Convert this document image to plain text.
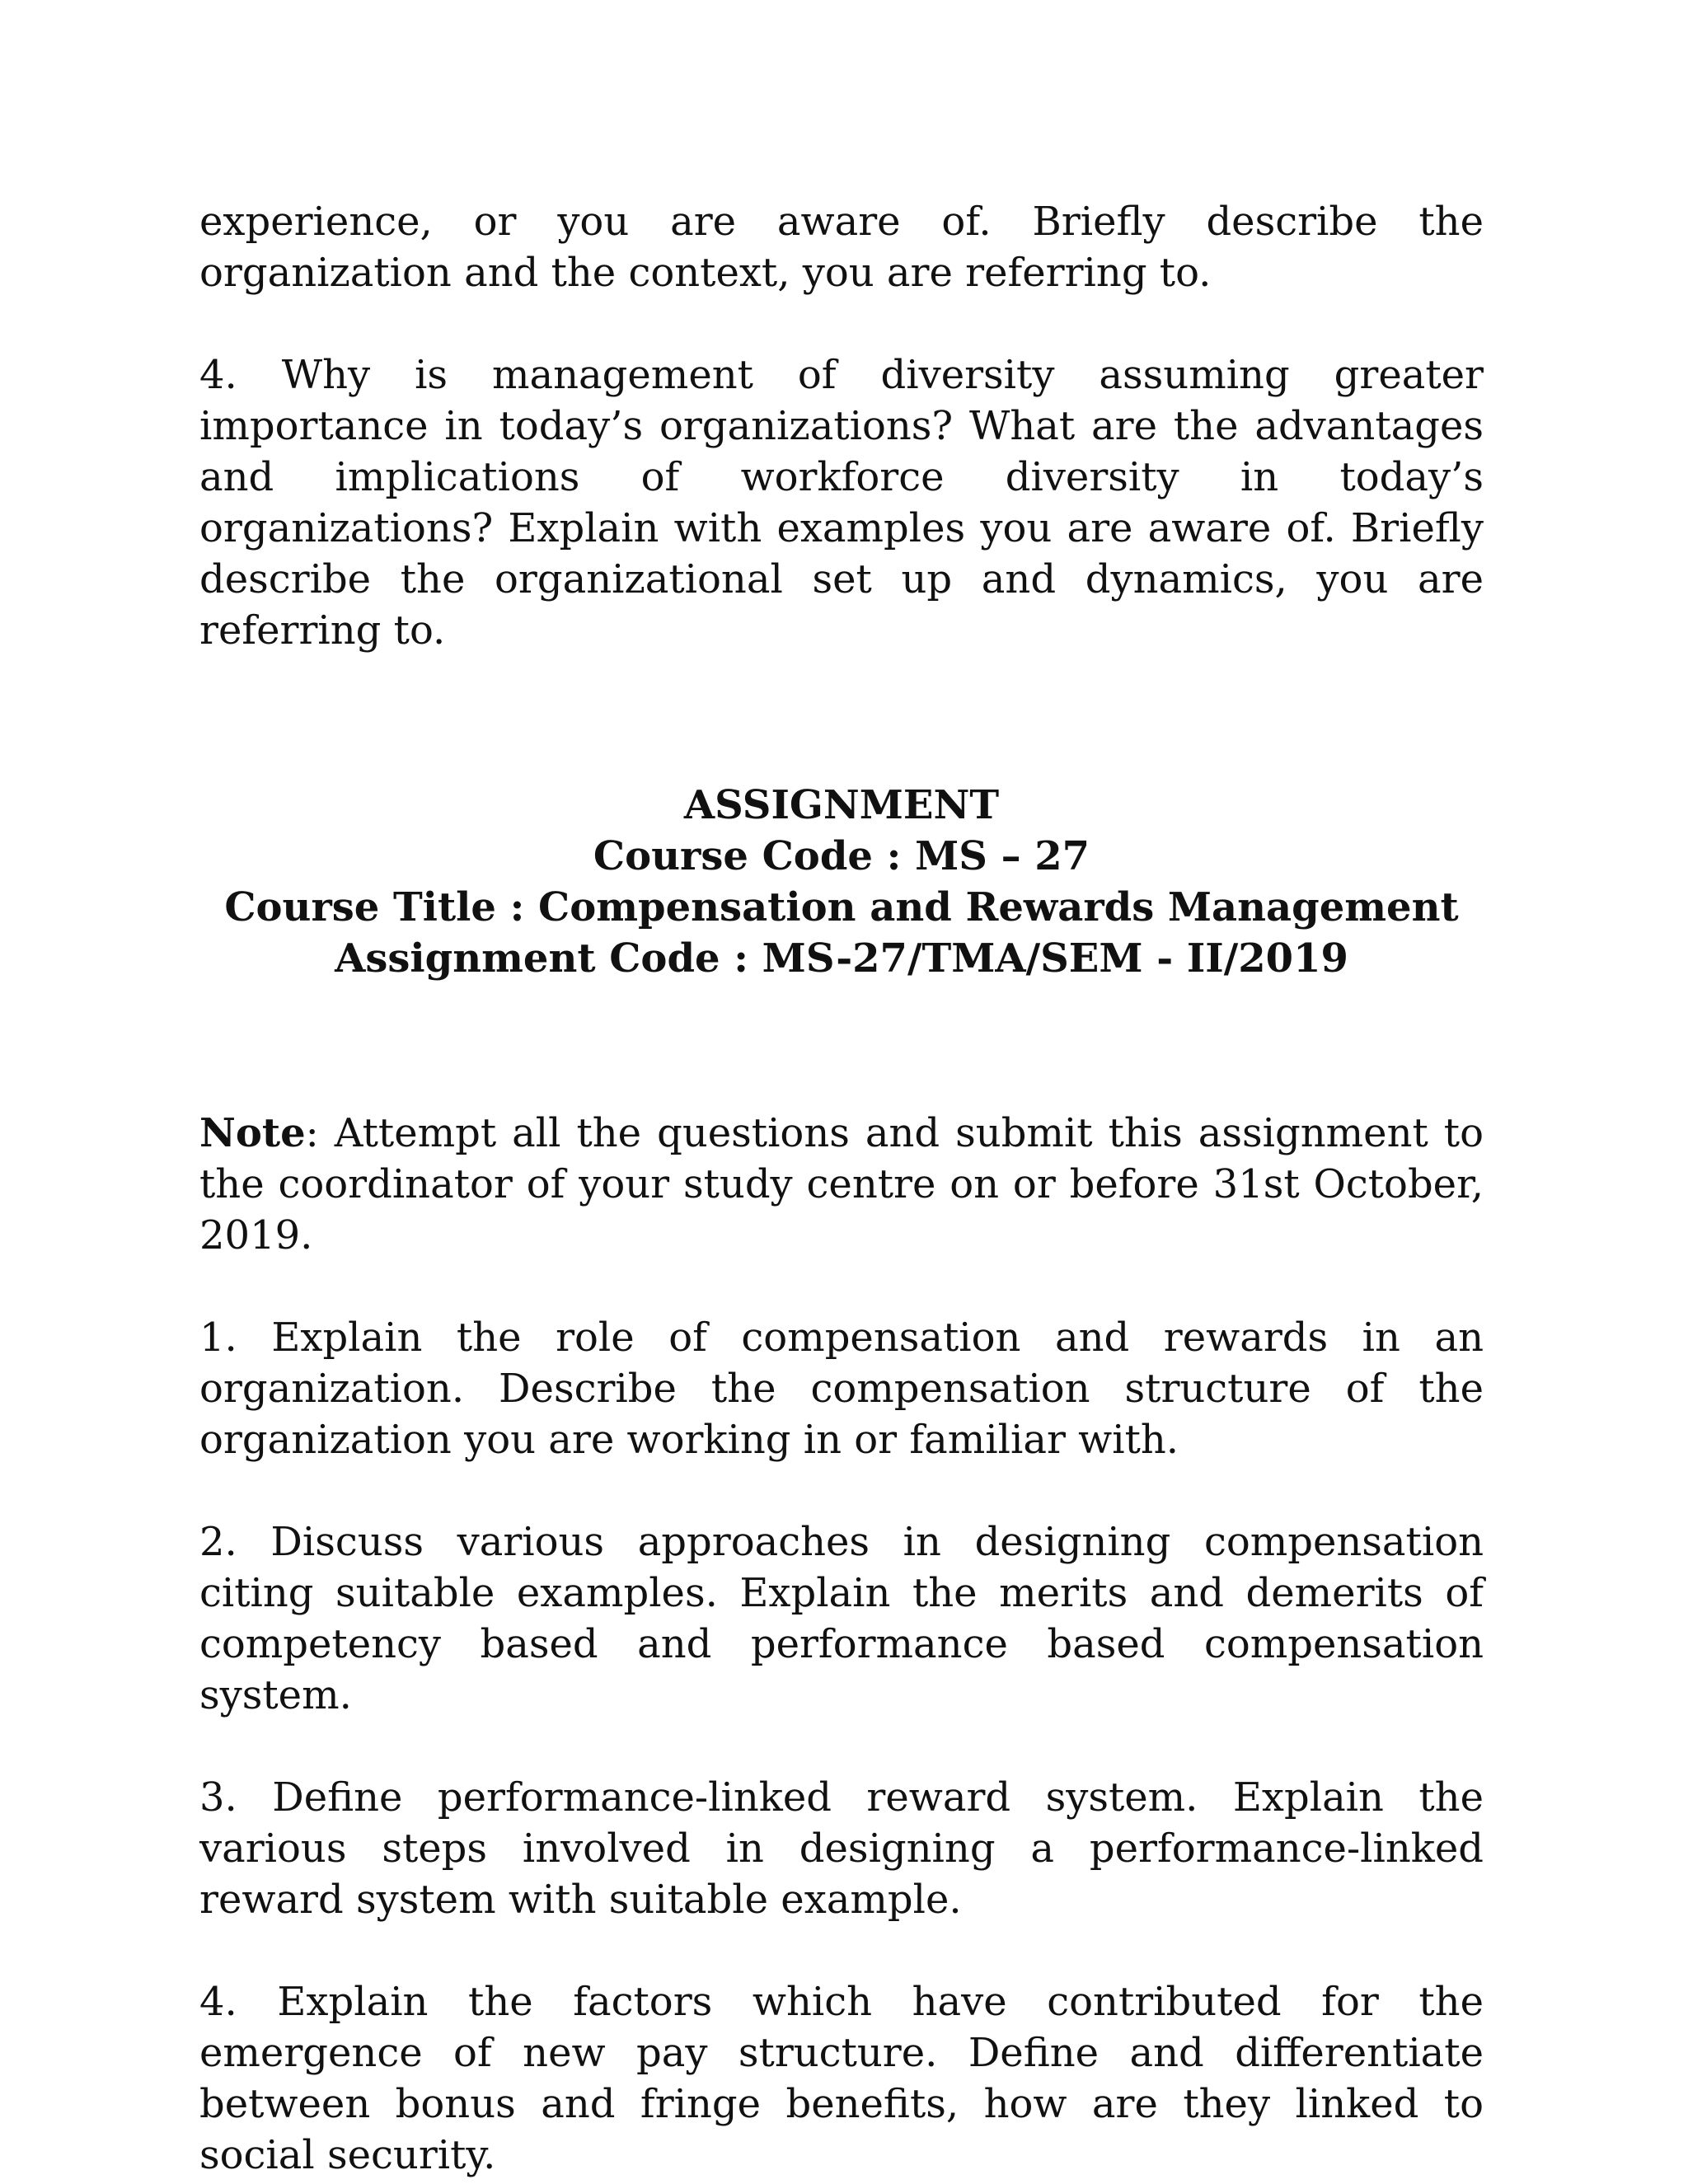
experience, or you are aware of. Briefly describe the organization and the context, you are referring to.

4. Why is management of diversity assuming greater importance in today’s organizations? What are the advantages and implications of workforce diversity in today’s organizations? Explain with examples you are aware of. Briefly describe the organizational set up and dynamics, you are referring to.

ASSIGNMENT
Course Code : MS – 27
Course Title : Compensation and Rewards Management
Assignment Code : MS-27/TMA/SEM - II/2019

Note: Attempt all the questions and submit this assignment to the coordinator of your study centre on or before 31st October, 2019.

1. Explain the role of compensation and rewards in an organization. Describe the compensation structure of the organization you are working in or familiar with.

2. Discuss various approaches in designing compensation citing suitable examples. Explain the merits and demerits of competency based and performance based compensation system.

3. Define performance-linked reward system. Explain the various steps involved in designing a performance-linked reward system with suitable example.

4. Explain the factors which have contributed for the emergence of new pay structure. Define and differentiate between bonus and fringe benefits, how are they linked to social security.
